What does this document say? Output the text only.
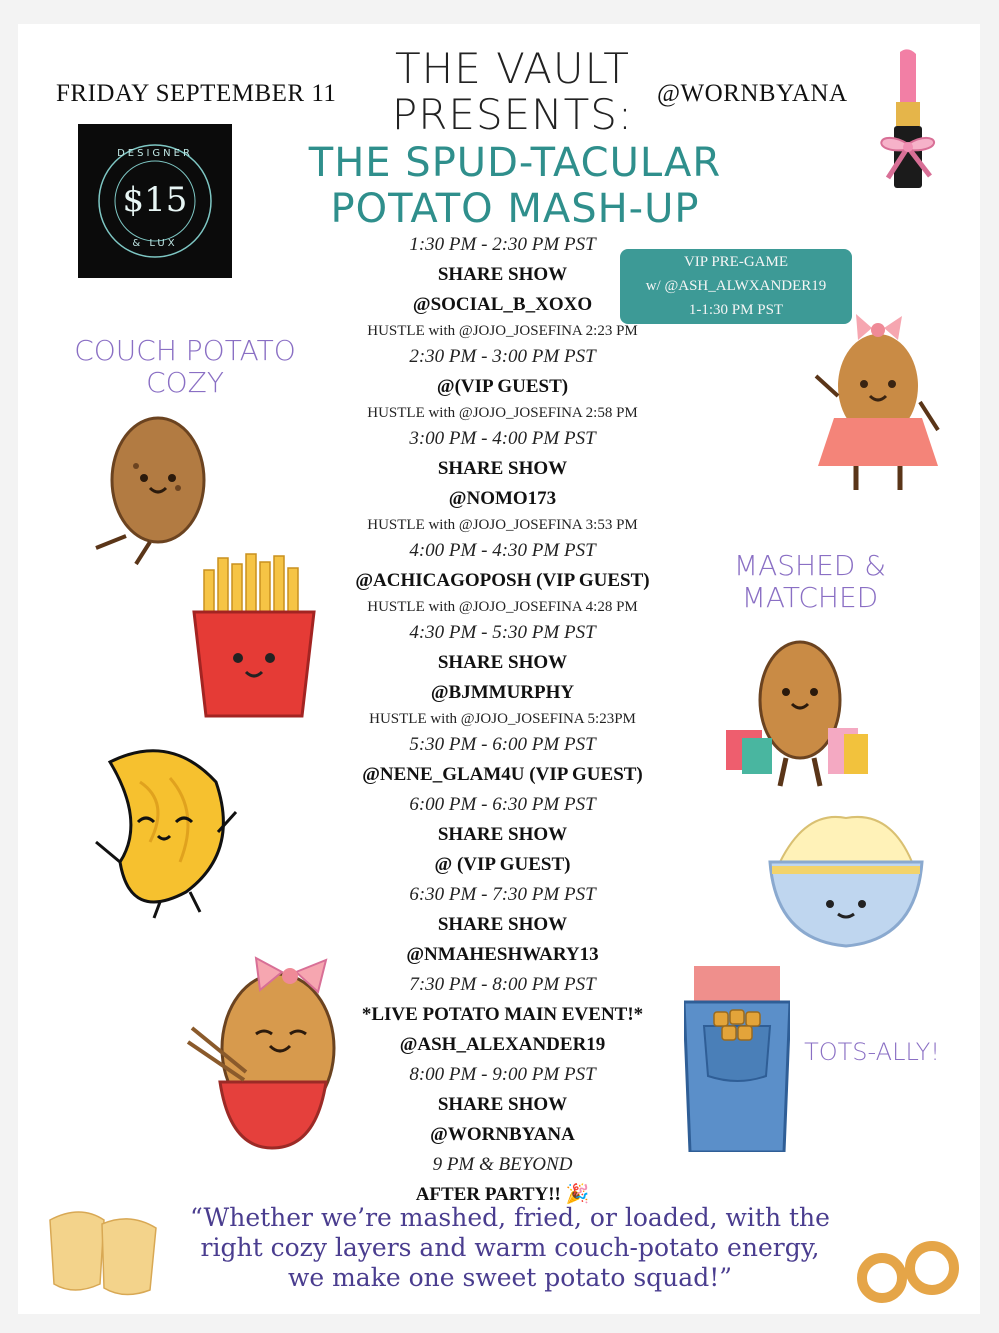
FRIDAY SEPTEMBER 11	@WORNBYANA
THE VAULT
PRESENTS:
THE SPUD-TACULAR
POTATO MASH-UP
DESIGNER
$15
& LUX
VIP PRE-GAME
w/ @ASH_ALWXANDER19
1-1:30 PM PST
COUCH POTATO
COZY
MASHED &
MATCHED
TOTS-ALLY!
1:30 PM - 2:30 PM PST
SHARE SHOW
@SOCIAL_B_XOXO
HUSTLE with @JOJO_JOSEFINA 2:23 PM
2:30 PM - 3:00 PM PST
@(VIP GUEST)
HUSTLE with @JOJO_JOSEFINA 2:58 PM
3:00 PM - 4:00 PM PST
SHARE SHOW
@NOMO173
HUSTLE with @JOJO_JOSEFINA 3:53 PM
4:00 PM - 4:30 PM PST
@ACHICAGOPOSH (VIP GUEST)
HUSTLE with @JOJO_JOSEFINA 4:28 PM
4:30 PM - 5:30 PM PST
SHARE SHOW
@BJMMURPHY
HUSTLE with @JOJO_JOSEFINA 5:23PM
5:30 PM - 6:00 PM PST
@NENE_GLAM4U (VIP GUEST)
6:00 PM - 6:30 PM PST
SHARE SHOW
@ (VIP GUEST)
6:30 PM - 7:30 PM PST
SHARE SHOW
@NMAHESHWARY13
7:30 PM - 8:00 PM PST
*LIVE POTATO MAIN EVENT!*
@ASH_ALEXANDER19
8:00 PM - 9:00 PM PST
SHARE SHOW
@WORNBYANA
9 PM & BEYOND
AFTER PARTY!! 🎉
“Whether we’re mashed, fried, or loaded, with the
right cozy layers and warm couch-potato energy,
we make one sweet potato squad!”
